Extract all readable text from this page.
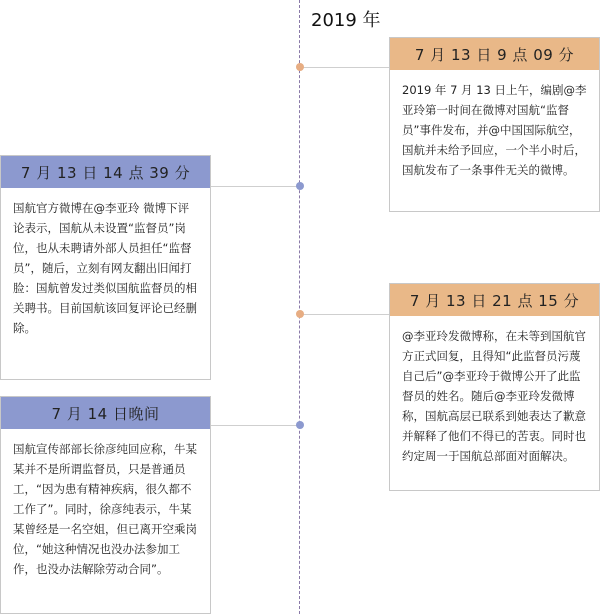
2019 年
7 月 13 日 9 点 09 分
2019 年 7 月 13 日上午，编剧@李亚玲第一时间在微博对国航“监督员”事件发布，并@中国国际航空，国航并未给予回应，一个半小时后，国航发布了一条事件无关的微博。
7 月 13 日 14 点 39 分
国航官方微博在@李亚玲 微博下评论表示，国航从未设置“监督员”岗位，也从未聘请外部人员担任“监督员”，随后，立刻有网友翻出旧闻打脸：国航曾发过类似国航监督员的相关聘书。目前国航该回复评论已经删除。
7 月 13 日 21 点 15 分
@李亚玲发微博称，在未等到国航官方正式回复，且得知“此监督员污蔑自己后”@李亚玲于微博公开了此监督员的姓名。随后@李亚玲发微博称，国航高层已联系到她表达了歉意并解释了他们不得已的苦衷。同时也约定周一于国航总部面对面解决。
7 月 14 日晚间
国航宣传部部长徐彦纯回应称，牛某某并不是所谓监督员，只是普通员工，“因为患有精神疾病，很久都不工作了”。同时，徐彦纯表示，牛某某曾经是一名空姐，但已离开空乘岗位，“她这种情况也没办法参加工作，也没办法解除劳动合同”。
